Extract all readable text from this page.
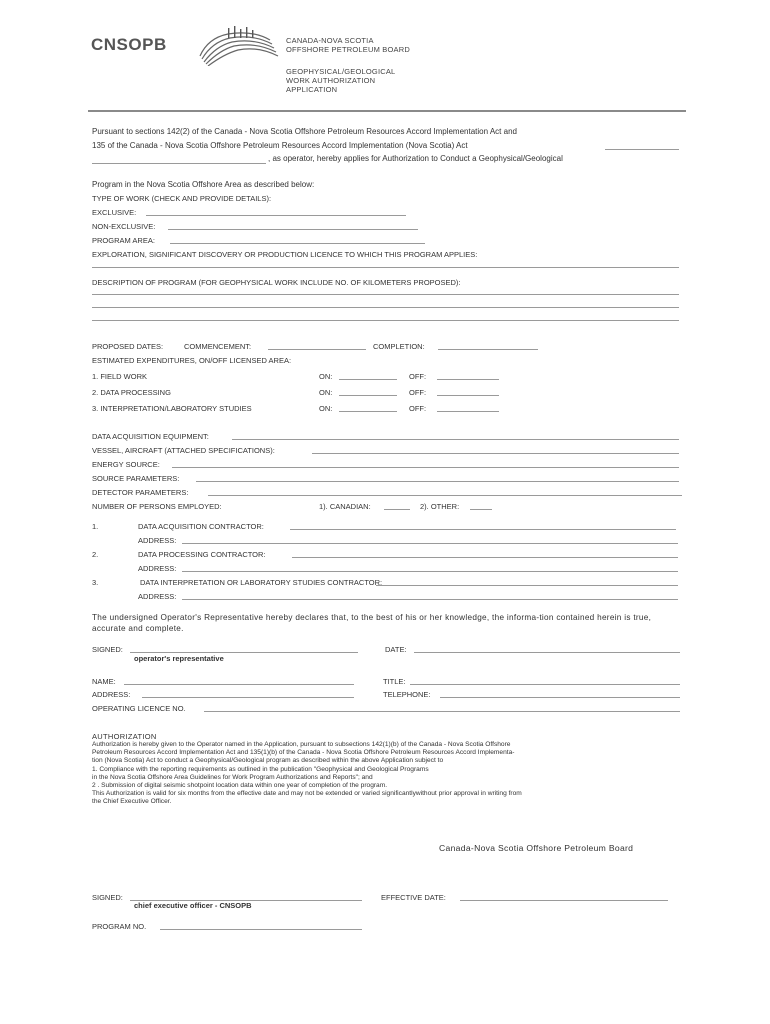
CNSOPB	CANADA-NOVA SCOTIA
OFFSHORE PETROLEUM BOARD
GEOPHYSICAL/GEOLOGICAL
WORK AUTHORIZATION
APPLICATION
Pursuant to sections 142(2) of the Canada - Nova Scotia Offshore Petroleum Resources Accord Implementation Act and
135 of the Canada - Nova Scotia Offshore Petroleum Resources Accord Implementation (Nova Scotia) Act
, as operator, hereby applies for Authorization to Conduct a Geophysical/Geological
Program in the Nova Scotia Offshore Area as described below:
TYPE OF WORK (CHECK AND PROVIDE DETAILS):
EXCLUSIVE:
NON-EXCLUSIVE:
PROGRAM AREA:
EXPLORATION, SIGNIFICANT DISCOVERY OR PRODUCTION LICENCE TO WHICH THIS PROGRAM APPLIES:
DESCRIPTION OF PROGRAM (FOR GEOPHYSICAL WORK INCLUDE NO. OF KILOMETERS PROPOSED):
PROPOSED DATES:	COMMENCEMENT:	COMPLETION:
ESTIMATED EXPENDITURES, ON/OFF LICENSED AREA:
1. FIELD WORK	ON:	OFF:
2. DATA PROCESSING	ON:	OFF:
3. INTERPRETATION/LABORATORY STUDIES	ON:	OFF:
DATA ACQUISITION EQUIPMENT:
VESSEL, AIRCRAFT (ATTACHED SPECIFICATIONS):
ENERGY SOURCE:
SOURCE PARAMETERS:
DETECTOR PARAMETERS:
NUMBER OF PERSONS EMPLOYED:	1). CANADIAN:	2). OTHER:
1.	DATA ACQUISITION CONTRACTOR:
ADDRESS:
2.	DATA PROCESSING CONTRACTOR:
ADDRESS:
3.	DATA INTERPRETATION OR LABORATORY STUDIES CONTRACTOR:
ADDRESS:
The undersigned Operator's Representative hereby declares that, to the best of his or her knowledge, the informa-tion contained herein is true, accurate and complete.
SIGNED:	DATE:
operator's representative
NAME:	TITLE:
ADDRESS:	TELEPHONE:
OPERATING LICENCE NO.
AUTHORIZATION
Authorization is hereby given to the Operator named in the Application, pursuant to subsections 142(1)(b) of the Canada - Nova Scotia Offshore
Petroleum Resources Accord Implementation Act and 135(1)(b) of the Canada - Nova Scotia Offshore Petroleum Resources Accord Implementa-
tion (Nova Scotia) Act to conduct a Geophysical/Geological program as described within the above Application subject to
1. Compliance with the reporting requirements as outlined in the publication "Geophysical and Geological Programs
in the Nova Scotia Offshore Area Guidelines for Work Program Authorizations and Reports"; and
2 . Submission of digital seismic shotpoint location data within one year of completion of the program.
This Authorization is valid for six months from the effective date and may not be extended or varied significantlywithout prior approval in writing from
the Chief Executive Officer.
Canada-Nova Scotia Offshore Petroleum Board
SIGNED:
chief executive officer - CNSOPB
EFFECTIVE DATE:
PROGRAM NO.
